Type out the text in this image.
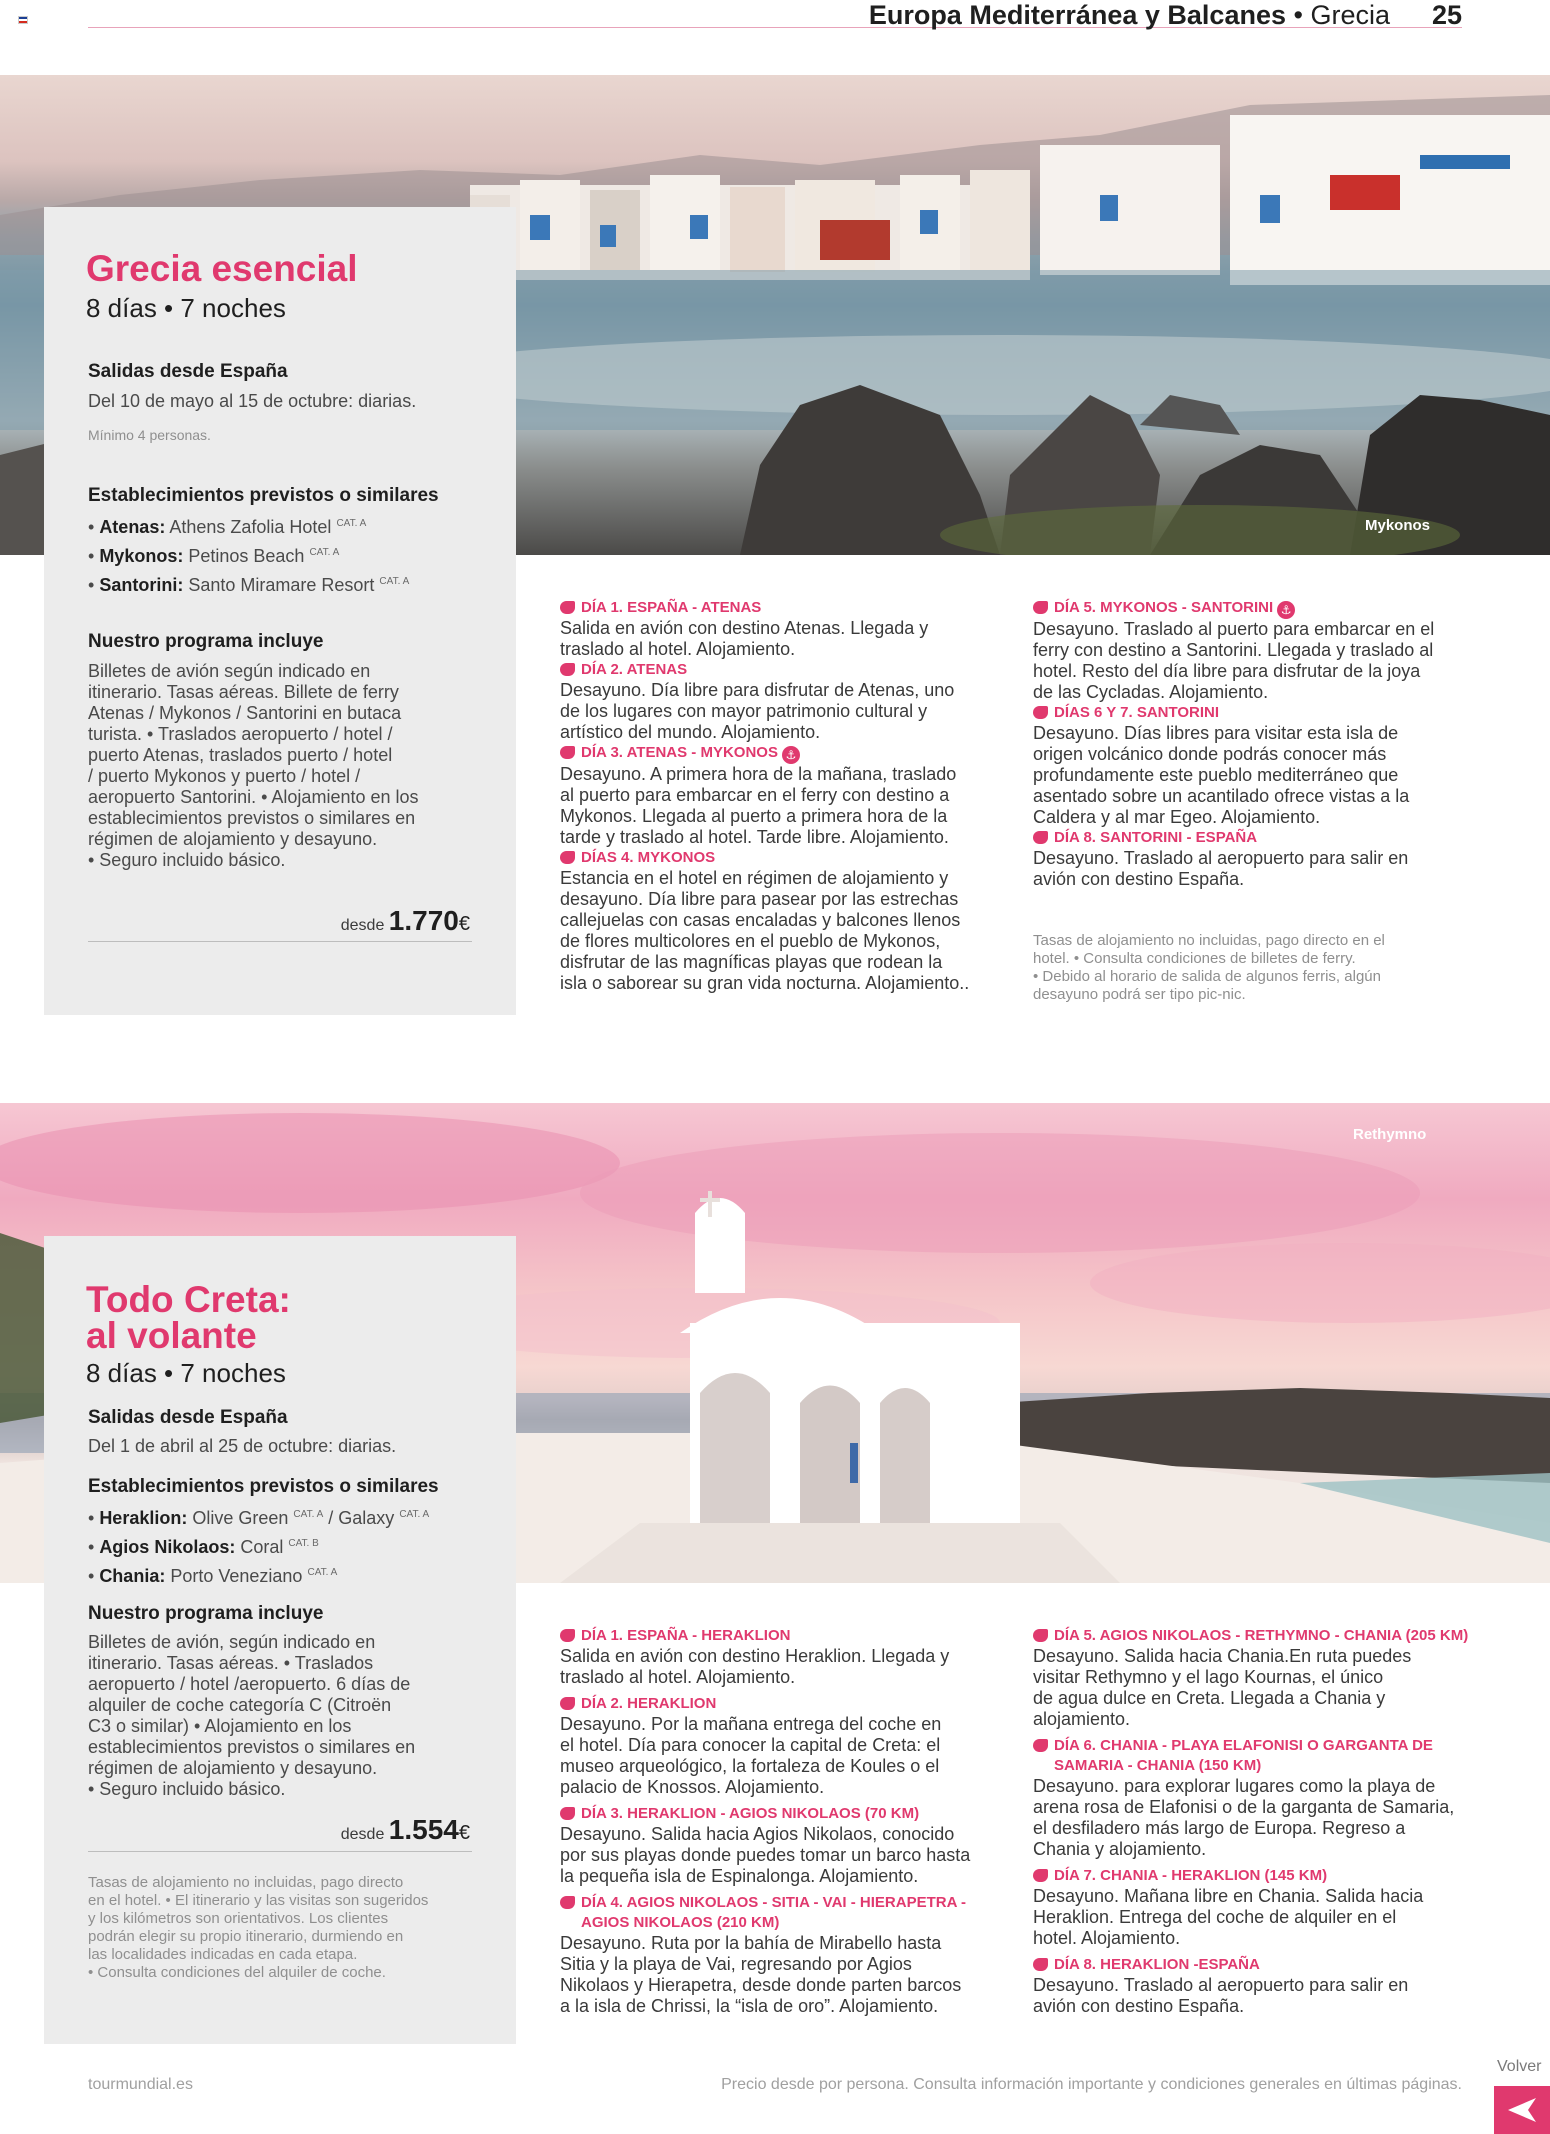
Europa Mediterránea y Balcanes • Grecia 25
Mykonos
Grecia esencial
8 días • 7 noches
Salidas desde España
Del 10 de mayo al 15 de octubre: diarias.
Mínimo 4 personas.
Establecimientos previstos o similares
• Atenas: Athens Zafolia Hotel $^{CAT. A}$
• Mykonos: Petinos Beach $^{CAT. A}$
• Santorini: Santo Miramare Resort $^{CAT. A}$
Nuestro programa incluye
Billetes de avión según indicado en
itinerario. Tasas aéreas. Billete de ferry
Atenas / Mykonos / Santorini en butaca
turista. • Traslados aeropuerto / hotel /
puerto Atenas, traslados puerto / hotel
/ puerto Mykonos y puerto / hotel /
aeropuerto Santorini. • Alojamiento en los
establecimientos previstos o similares en
régimen de alojamiento y desayuno.
• Seguro incluido básico.
desde 1.770€
DÍA 1. ESPAÑA - ATENAS
Salida en avión con destino Atenas. Llegada y
traslado al hotel. Alojamiento.
DÍA 2. ATENAS
Desayuno. Día libre para disfrutar de Atenas, uno
de los lugares con mayor patrimonio cultural y
artístico del mundo. Alojamiento.
DÍA 3. ATENAS - MYKONOS ⚓
Desayuno. A primera hora de la mañana, traslado
al puerto para embarcar en el ferry con destino a
Mykonos. Llegada al puerto a primera hora de la
tarde y traslado al hotel. Tarde libre. Alojamiento.
DÍAS 4. MYKONOS
Estancia en el hotel en régimen de alojamiento y
desayuno. Día libre para pasear por las estrechas
callejuelas con casas encaladas y balcones llenos
de flores multicolores en el pueblo de Mykonos,
disfrutar de las magníficas playas que rodean la
isla o saborear su gran vida nocturna. Alojamiento..
DÍA 5. MYKONOS - SANTORINI ⚓
Desayuno. Traslado al puerto para embarcar en el
ferry con destino a Santorini. Llegada y traslado al
hotel. Resto del día libre para disfrutar de la joya
de las Cycladas. Alojamiento.
DÍAS 6 Y 7. SANTORINI
Desayuno. Días libres para visitar esta isla de
origen volcánico donde podrás conocer más
profundamente este pueblo mediterráneo que
asentado sobre un acantilado ofrece vistas a la
Caldera y al mar Egeo. Alojamiento.
DÍA 8. SANTORINI - ESPAÑA
Desayuno. Traslado al aeropuerto para salir en
avión con destino España.
Tasas de alojamiento no incluidas, pago directo en el
hotel. • Consulta condiciones de billetes de ferry.
• Debido al horario de salida de algunos ferris, algún
desayuno podrá ser tipo pic-nic.
Rethymno
Todo Creta:
al volante
8 días • 7 noches
Salidas desde España
Del 1 de abril al 25 de octubre: diarias.
Establecimientos previstos o similares
• Heraklion: Olive Green $^{CAT. A}$ / Galaxy $^{CAT. A}$
• Agios Nikolaos: Coral $^{CAT. B}$
• Chania: Porto Veneziano $^{CAT. A}$
Nuestro programa incluye
Billetes de avión, según indicado en
itinerario. Tasas aéreas. • Traslados
aeropuerto / hotel /aeropuerto. 6 días de
alquiler de coche categoría C (Citroën
C3 o similar) • Alojamiento en los
establecimientos previstos o similares en
régimen de alojamiento y desayuno.
• Seguro incluido básico.
desde 1.554€
Tasas de alojamiento no incluidas, pago directo
en el hotel. • El itinerario y las visitas son sugeridos
y los kilómetros son orientativos. Los clientes
podrán elegir su propio itinerario, durmiendo en
las localidades indicadas en cada etapa.
• Consulta condiciones del alquiler de coche.
DÍA 1. ESPAÑA - HERAKLION
Salida en avión con destino Heraklion. Llegada y
traslado al hotel. Alojamiento.
DÍA 2. HERAKLION
Desayuno. Por la mañana entrega del coche en
el hotel. Día para conocer la capital de Creta: el
museo arqueológico, la fortaleza de Koules o el
palacio de Knossos. Alojamiento.
DÍA 3. HERAKLION - AGIOS NIKOLAOS (70 KM)
Desayuno. Salida hacia Agios Nikolaos, conocido
por sus playas donde puedes tomar un barco hasta
la pequeña isla de Espinalonga. Alojamiento.
DÍA 4. AGIOS NIKOLAOS - SITIA - VAI - HIERAPETRA - AGIOS NIKOLAOS (210 KM)
Desayuno. Ruta por la bahía de Mirabello hasta
Sitia y la playa de Vai, regresando por Agios
Nikolaos y Hierapetra, desde donde parten barcos
a la isla de Chrissi, la “isla de oro”. Alojamiento.
DÍA 5. AGIOS NIKOLAOS - RETHYMNO - CHANIA (205 KM)
Desayuno. Salida hacia Chania.En ruta puedes
visitar Rethymno y el lago Kournas, el único
de agua dulce en Creta. Llegada a Chania y
alojamiento.
DÍA 6. CHANIA - PLAYA ELAFONISI O GARGANTA DE SAMARIA - CHANIA (150 KM)
Desayuno. para explorar lugares como la playa de
arena rosa de Elafonisi o de la garganta de Samaria,
el desfiladero más largo de Europa. Regreso a
Chania y alojamiento.
DÍA 7. CHANIA - HERAKLION (145 KM)
Desayuno. Mañana libre en Chania. Salida hacia
Heraklion. Entrega del coche de alquiler en el
hotel. Alojamiento.
DÍA 8. HERAKLION -ESPAÑA
Desayuno. Traslado al aeropuerto para salir en
avión con destino España.
tourmundial.es	Precio desde por persona. Consulta información importante y condiciones generales en últimas páginas.
Volver
